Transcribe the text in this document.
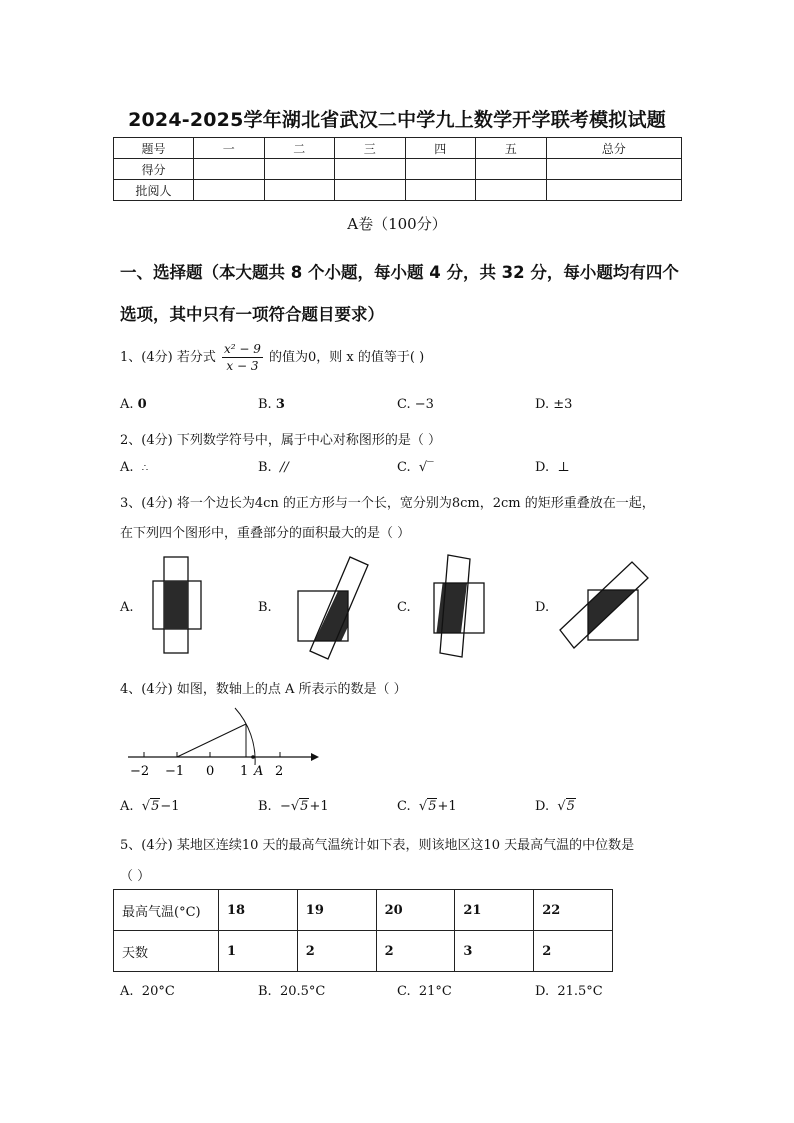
2024-2025学年湖北省武汉二中学九上数学开学联考模拟试题
题号	一	二	三	四	五	总分
得分						
批阅人						
A卷（100分）
一、选择题（本大题共 8 个小题，每小题 4 分，共 32 分，每小题均有四个选项，其中只有一项符合题目要求）
1、(4分) 若分式 $\frac{\text{x² − 9}}{x - 3}$ 的值为0，则 x 的值等于( )
A. 0	B. 3	C. −3	D. ±3
2、(4分) 下列数学符号中，属于中心对称图形的是（ ）
A. ∴	B. //	C. √‾	D. ⊥
3、(4分) 将一个边长为4cn 的正方形与一个长，宽分别为8cm，2cm 的矩形重叠放在一起，
在下列四个图形中，重叠部分的面积最大的是（ ）
A.	B.	C.	D.
4、(4分) 如图，数轴上的点 A 所表示的数是（ ）
−2 −1 0 1 A 2
A. √5−1	B. −√5+1	C. √5+1	D. √5
5、(4分) 某地区连续10 天的最高气温统计如下表，则该地区这10 天最高气温的中位数是
（ ）
最高气温(°C)	18	19	20	21	22
天数	1	2	2	3	2
A. 20°C	B. 20.5°C	C. 21°C	D. 21.5°C
